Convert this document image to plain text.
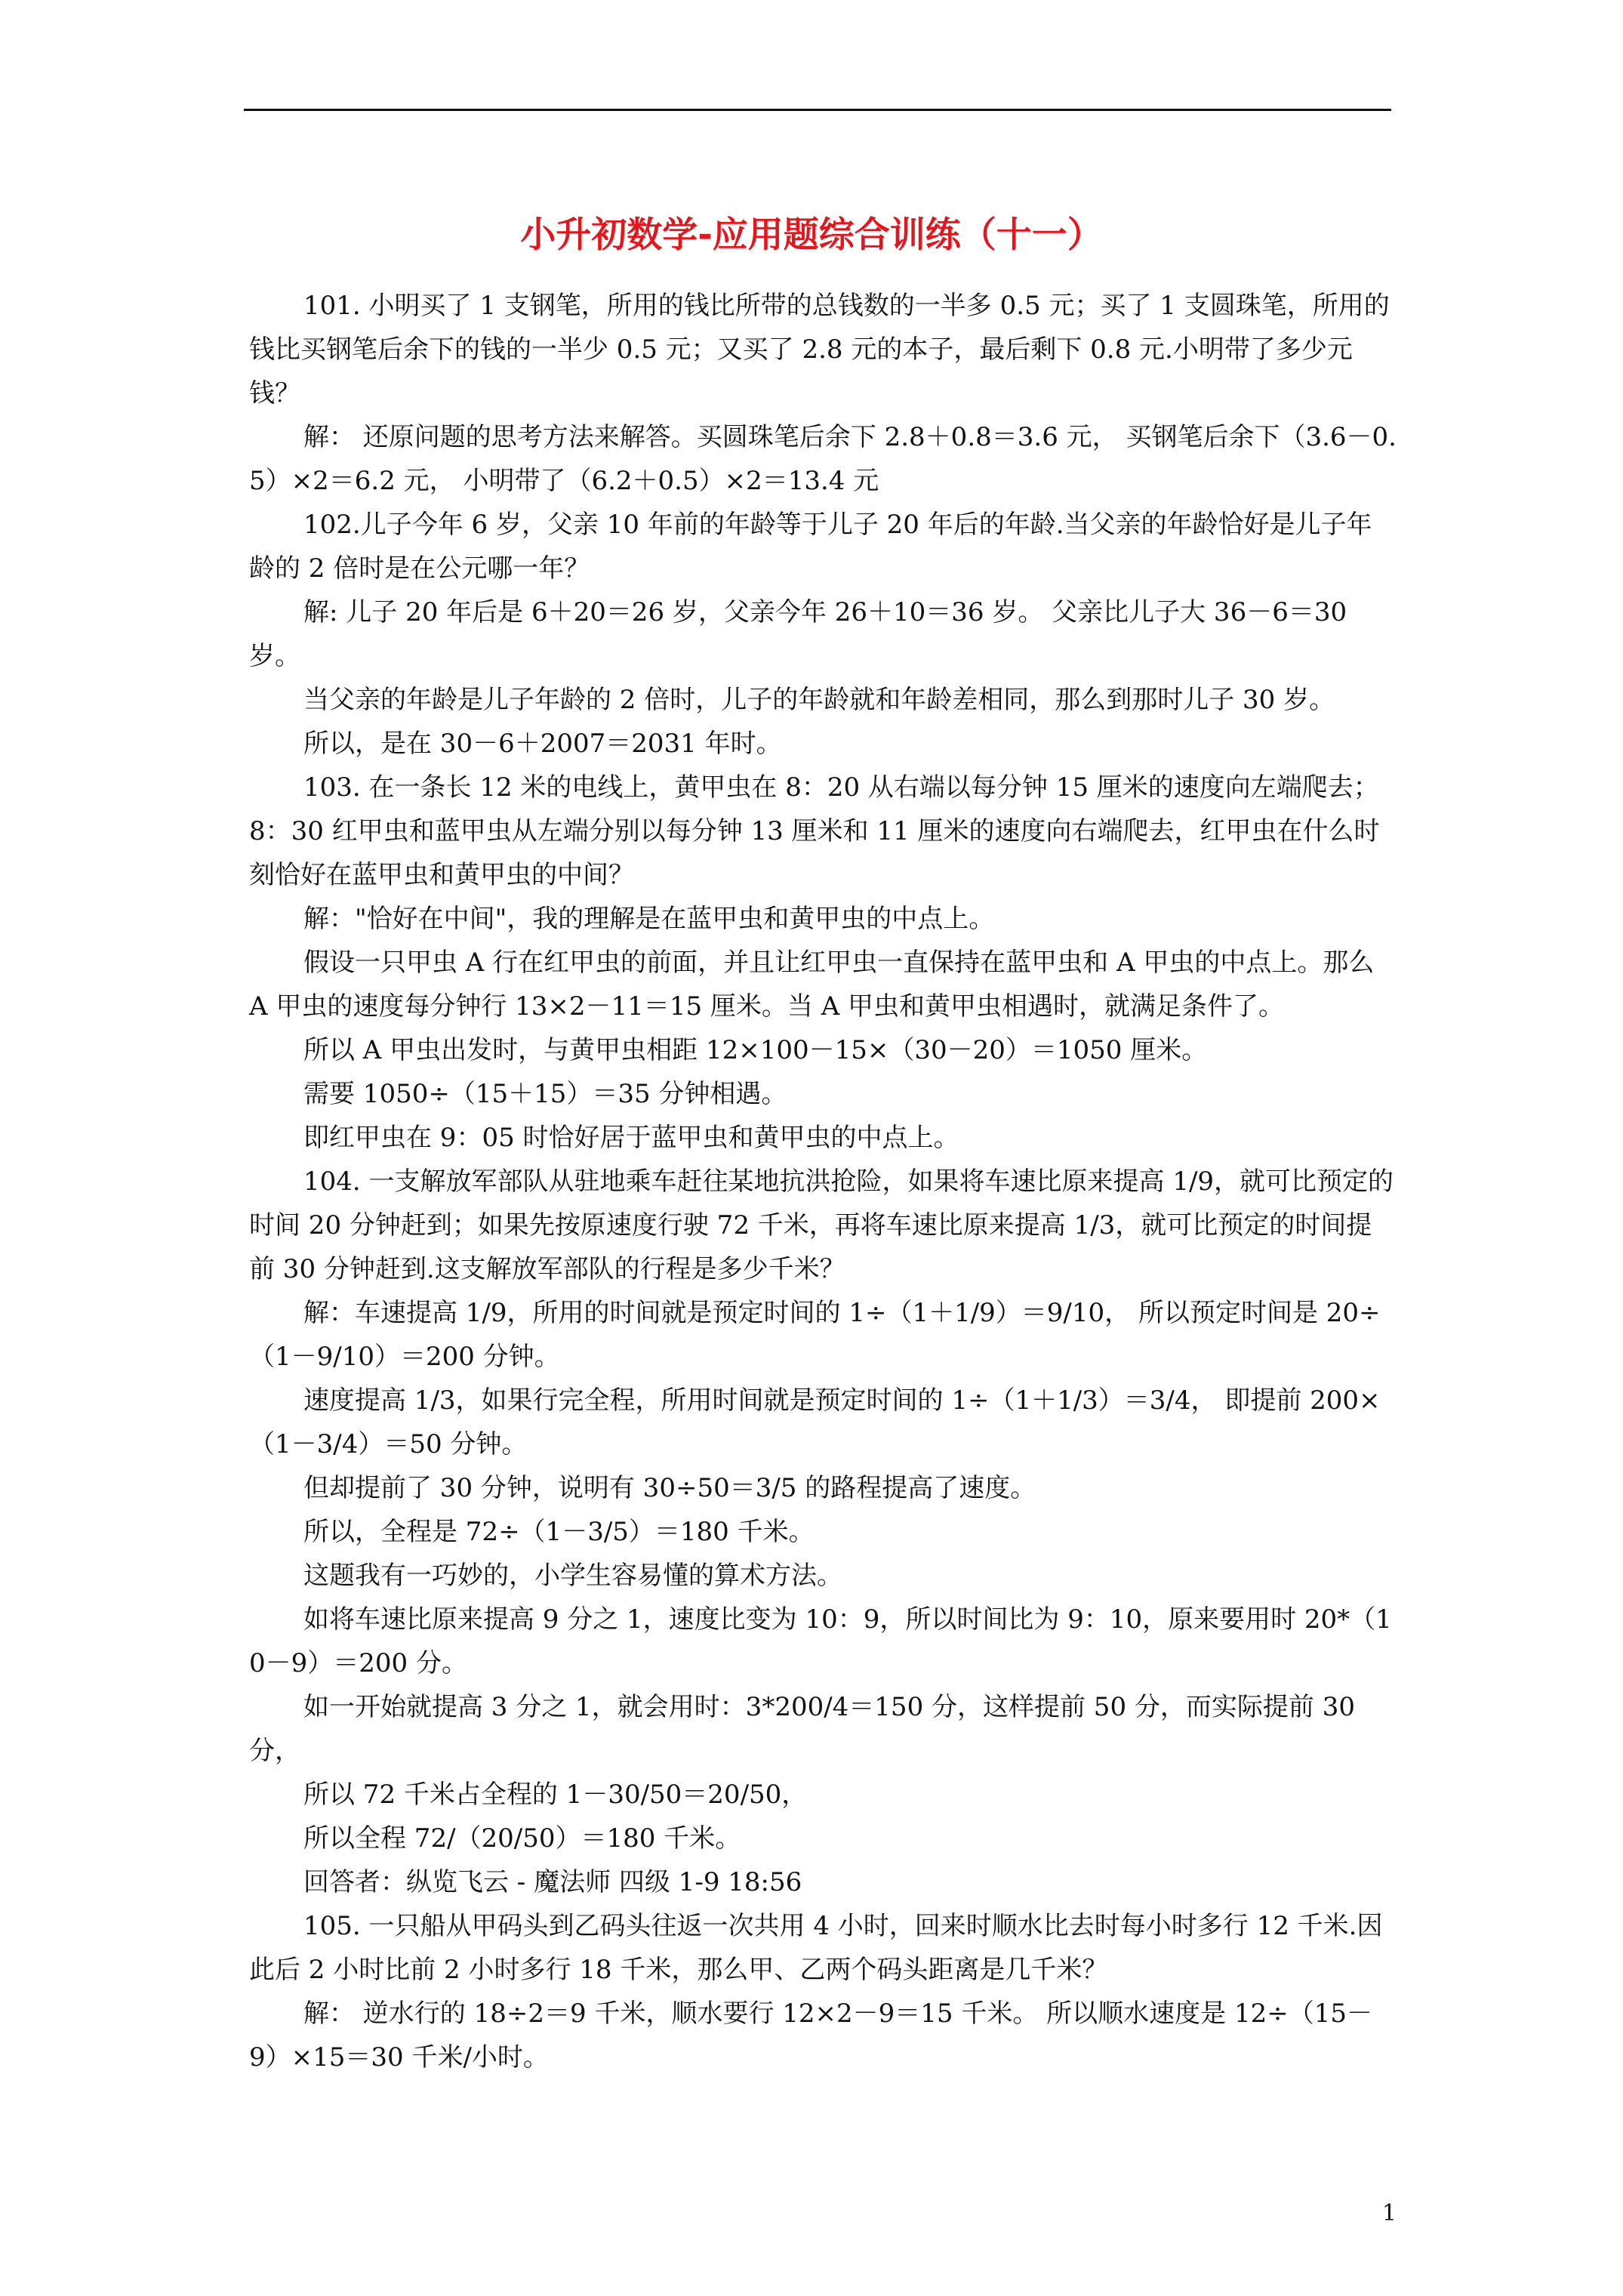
小升初数学-应用题综合训练（十一）

101. 小明买了 1 支钢笔，所用的钱比所带的总钱数的一半多 0.5 元；买了 1 支圆珠笔，所用的钱比买钢笔后余下的钱的一半少 0.5 元；又买了 2.8 元的本子，最后剩下 0.8 元.小明带了多少元钱？

解： 还原问题的思考方法来解答。买圆珠笔后余下 2.8＋0.8＝3.6 元， 买钢笔后余下（3.6－0.5）×2＝6.2 元， 小明带了（6.2＋0.5）×2＝13.4 元

102.儿子今年 6 岁，父亲 10 年前的年龄等于儿子 20 年后的年龄.当父亲的年龄恰好是儿子年龄的 2 倍时是在公元哪一年？

解: 儿子 20 年后是 6＋20＝26 岁，父亲今年 26＋10＝36 岁。 父亲比儿子大 36－6＝30 岁。

当父亲的年龄是儿子年龄的 2 倍时，儿子的年龄就和年龄差相同，那么到那时儿子 30 岁。

所以，是在 30－6＋2007＝2031 年时。

103. 在一条长 12 米的电线上，黄甲虫在 8：20 从右端以每分钟 15 厘米的速度向左端爬去；8：30 红甲虫和蓝甲虫从左端分别以每分钟 13 厘米和 11 厘米的速度向右端爬去，红甲虫在什么时刻恰好在蓝甲虫和黄甲虫的中间？

解："恰好在中间"，我的理解是在蓝甲虫和黄甲虫的中点上。

假设一只甲虫 A 行在红甲虫的前面，并且让红甲虫一直保持在蓝甲虫和 A 甲虫的中点上。那么 A 甲虫的速度每分钟行 13×2－11＝15 厘米。当 A 甲虫和黄甲虫相遇时，就满足条件了。

所以 A 甲虫出发时，与黄甲虫相距 12×100－15×（30－20）＝1050 厘米。

需要 1050÷（15＋15）＝35 分钟相遇。

即红甲虫在 9：05 时恰好居于蓝甲虫和黄甲虫的中点上。

104. 一支解放军部队从驻地乘车赶往某地抗洪抢险，如果将车速比原来提高 1/9，就可比预定的时间 20 分钟赶到；如果先按原速度行驶 72 千米，再将车速比原来提高 1/3，就可比预定的时间提前 30 分钟赶到.这支解放军部队的行程是多少千米？

解：车速提高 1/9，所用的时间就是预定时间的 1÷（1＋1/9）＝9/10， 所以预定时间是 20÷（1－9/10）＝200 分钟。

速度提高 1/3，如果行完全程，所用时间就是预定时间的 1÷（1＋1/3）＝3/4， 即提前 200×（1－3/4）＝50 分钟。

但却提前了 30 分钟，说明有 30÷50＝3/5 的路程提高了速度。

所以，全程是 72÷（1－3/5）＝180 千米。

这题我有一巧妙的，小学生容易懂的算术方法。

如将车速比原来提高 9 分之 1，速度比变为 10：9，所以时间比为 9：10，原来要用时 20*（10－9）＝200 分。

如一开始就提高 3 分之 1，就会用时：3*200/4＝150 分，这样提前 50 分，而实际提前 30 分，

所以 72 千米占全程的 1－30/50＝20/50，

所以全程 72/（20/50）＝180 千米。

回答者：纵览飞云 - 魔法师 四级 1-9 18:56

105. 一只船从甲码头到乙码头往返一次共用 4 小时，回来时顺水比去时每小时多行 12 千米.因此后 2 小时比前 2 小时多行 18 千米，那么甲、乙两个码头距离是几千米？

解： 逆水行的 18÷2＝9 千米，顺水要行 12×2－9＝15 千米。 所以顺水速度是 12÷（15－9）×15＝30 千米/小时。

1
